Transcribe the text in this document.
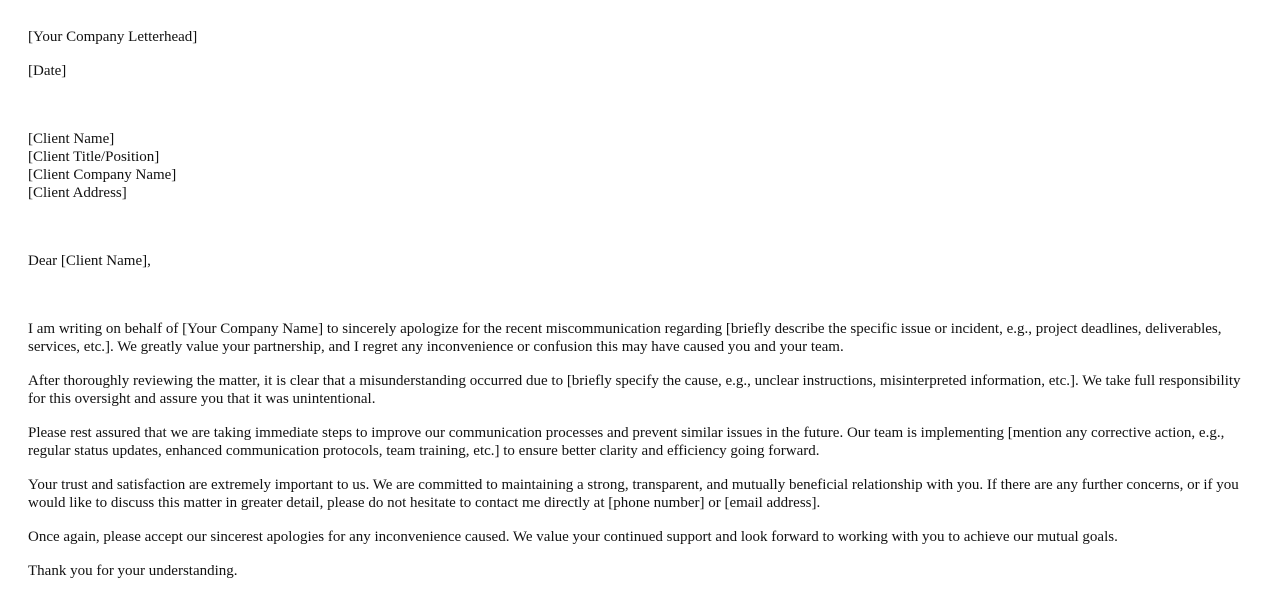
[Your Company Letterhead]

[Date]

[Client Name]
[Client Title/Position]
[Client Company Name]
[Client Address]

Dear [Client Name],

I am writing on behalf of [Your Company Name] to sincerely apologize for the recent miscommunication regarding [briefly describe the specific issue or incident, e.g., project deadlines, deliverables, services, etc.]. We greatly value your partnership, and I regret any inconvenience or confusion this may have caused you and your team.

After thoroughly reviewing the matter, it is clear that a misunderstanding occurred due to [briefly specify the cause, e.g., unclear instructions, misinterpreted information, etc.]. We take full responsibility for this oversight and assure you that it was unintentional.

Please rest assured that we are taking immediate steps to improve our communication processes and prevent similar issues in the future. Our team is implementing [mention any corrective action, e.g., regular status updates, enhanced communication protocols, team training, etc.] to ensure better clarity and efficiency going forward.

Your trust and satisfaction are extremely important to us. We are committed to maintaining a strong, transparent, and mutually beneficial relationship with you. If there are any further concerns, or if you would like to discuss this matter in greater detail, please do not hesitate to contact me directly at [phone number] or [email address].

Once again, please accept our sincerest apologies for any inconvenience caused. We value your continued support and look forward to working with you to achieve our mutual goals.

Thank you for your understanding.
